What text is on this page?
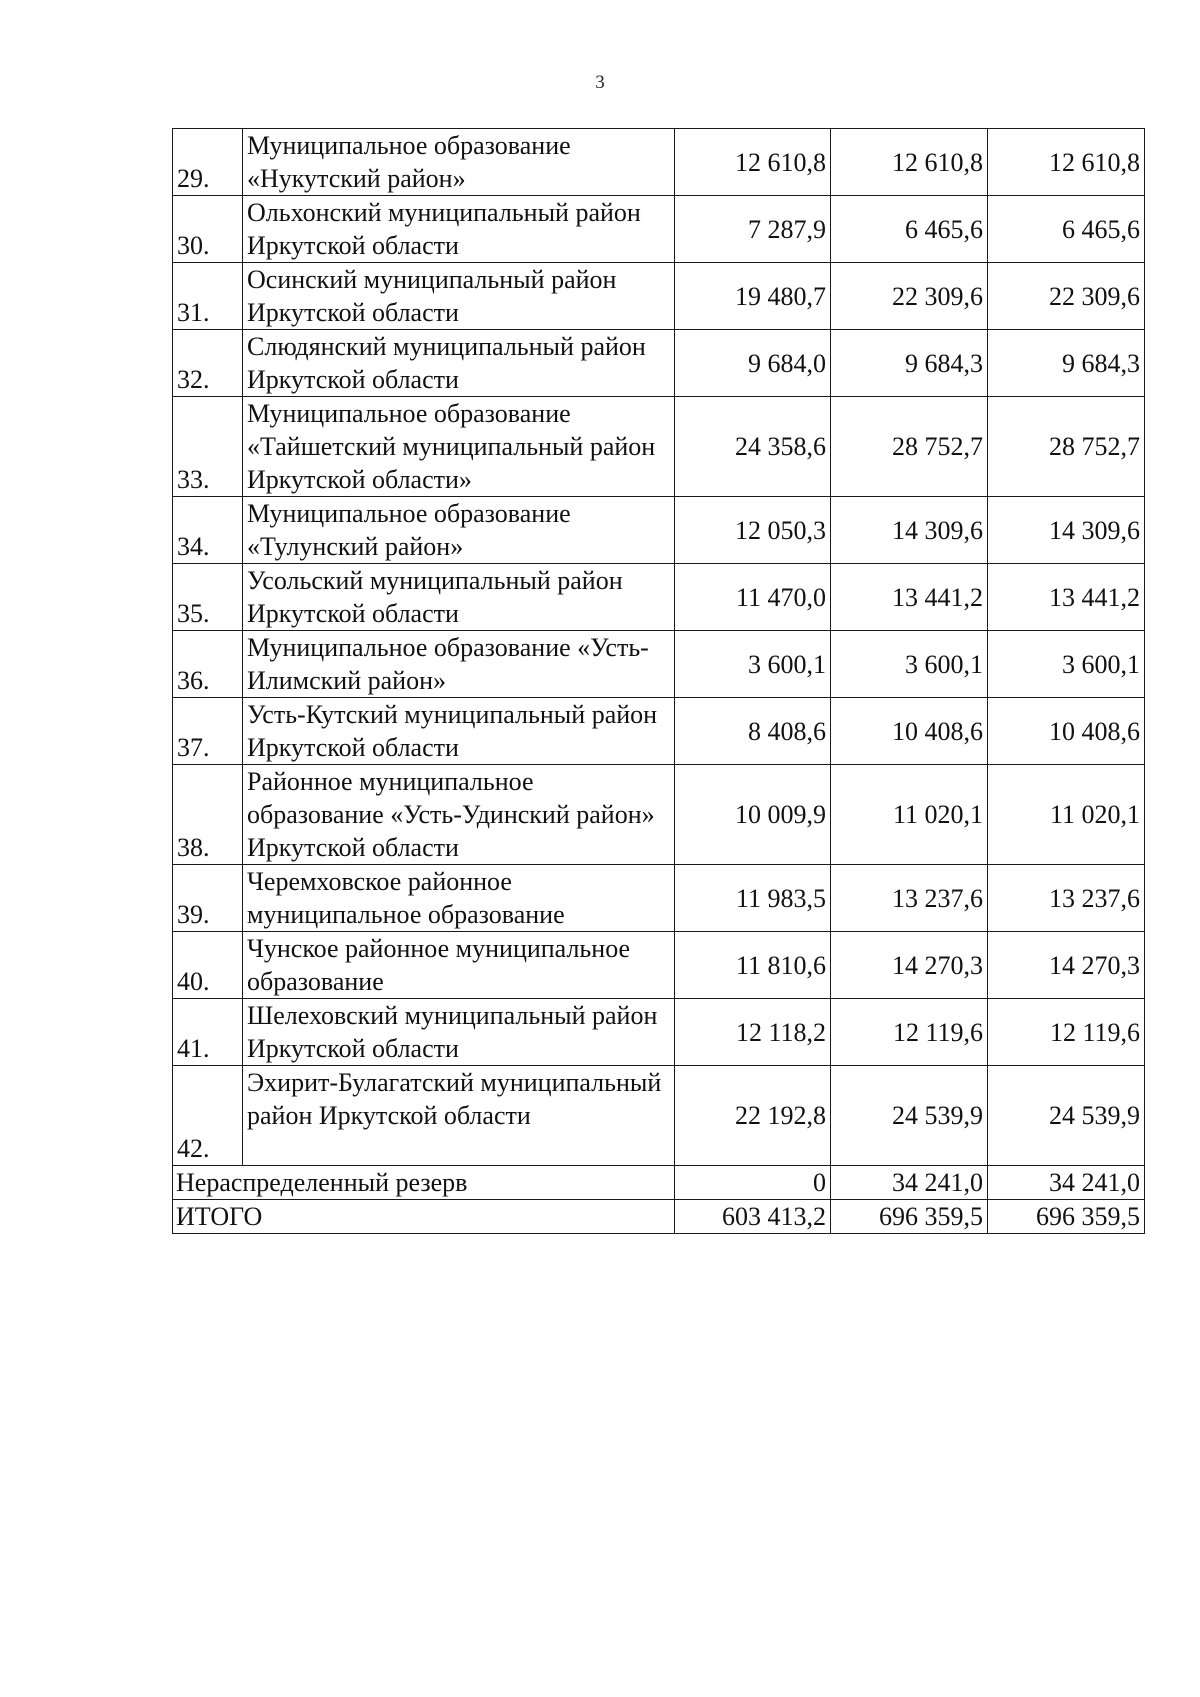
3
29.	Муниципальное образование «Нукутский район»	12 610,8	12 610,8	12 610,8
30.	Ольхонский муниципальный район Иркутской области	7 287,9	6 465,6	6 465,6
31.	Осинский муниципальный район Иркутской области	19 480,7	22 309,6	22 309,6
32.	Слюдянский муниципальный район Иркутской области	9 684,0	9 684,3	9 684,3
33.	Муниципальное образование «Тайшетский муниципальный район Иркутской области»	24 358,6	28 752,7	28 752,7
34.	Муниципальное образование «Тулунский район»	12 050,3	14 309,6	14 309,6
35.	Усольский муниципальный район Иркутской области	11 470,0	13 441,2	13 441,2
36.	Муниципальное образование «Усть-Илимский район»	3 600,1	3 600,1	3 600,1
37.	Усть-Кутский муниципальный район Иркутской области	8 408,6	10 408,6	10 408,6
38.	Районное муниципальное образование «Усть-Удинский район» Иркутской области	10 009,9	11 020,1	11 020,1
39.	Черемховское районное муниципальное образование	11 983,5	13 237,6	13 237,6
40.	Чунское районное муниципальное образование	11 810,6	14 270,3	14 270,3
41.	Шелеховский муниципальный район Иркутской области	12 118,2	12 119,6	12 119,6
42.	Эхирит-Булагатский муниципальный район Иркутской области	22 192,8	24 539,9	24 539,9
Нераспределенный резерв		0	34 241,0	34 241,0
ИТОГО		603 413,2	696 359,5	696 359,5
